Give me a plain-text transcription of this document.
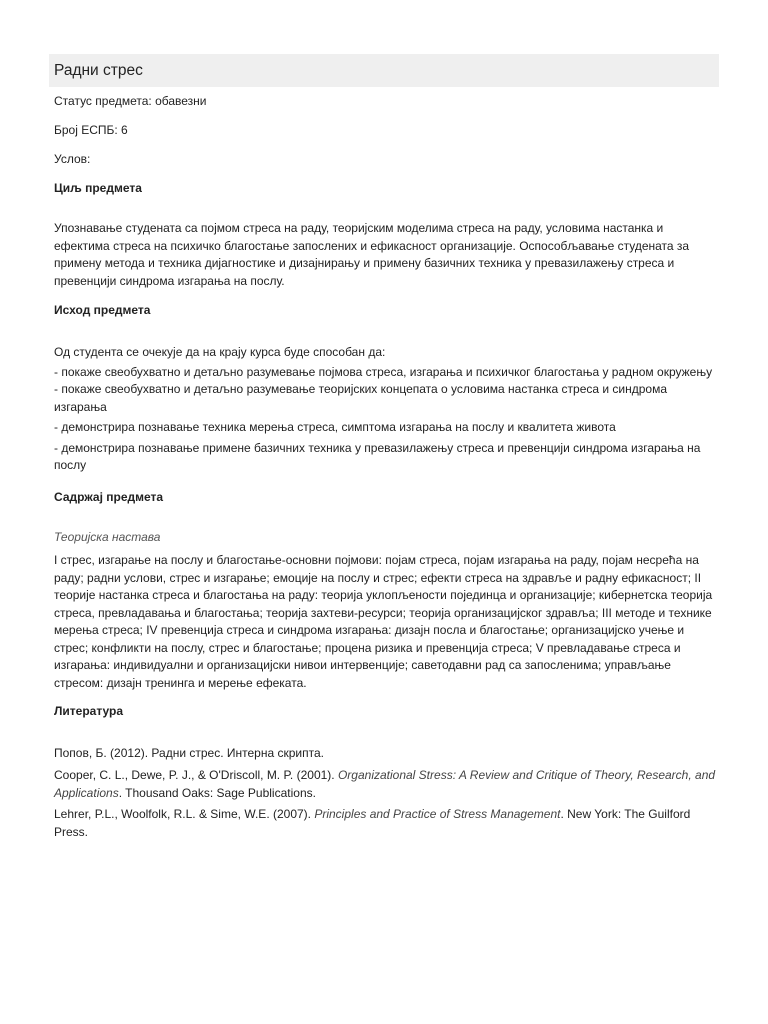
Радни стрес
Статус предмета: обавезни
Број ЕСПБ: 6
Услов:
Циљ предмета
Упознавање студената са појмом стреса на раду, теоријским моделима стреса на раду, условима настанка и ефектима стреса на психичко благостање запослених и ефикасност организације. Оспособљавање студената за примену метода и техника дијагностике и дизајнирању и примену базичних техника у превазилажењу стреса и превенцији синдрома изгарања на послу.
Исход предмета

Од студента се очекује да на крају курса буде способан да:

- покаже свеобухватно и детаљно разумевање појмова стреса, изгарања и психичког благостања у радном окружењу

- покаже свеобухватно и детаљно разумевање теоријских концепата о условима настанка стреса и синдрома изгарања

- демонстрира познавање техника мерења стреса, симптома изгарања на послу и квалитета живота

- демонстрира познавање примене базичних техника у превазилажењу стреса и превенцији синдрома изгарања на послу

Садржај предмета
Теоријска настава
I стрес, изгарање на послу и благостање-основни појмови: појам стреса, појам изгарања на раду, појам несрећа на раду; радни услови, стрес и изгарање; емоције на послу и стрес; ефекти стреса на здравље и радну ефикасност; II теорије настанка стреса и благостања на раду: теорија уклопљености појединца и организације; кибернетска теорија стреса, превладавања и благостања; теорија захтеви-ресурси; теорија организацијског здравља; III методе и технике мерења стреса; IV превенција стреса и синдрома изгарања: дизајн посла и благостање; организацијско учење и стрес; конфликти на послу, стрес и благостање; процена ризика и превенција стреса; V превладавање стреса и изгарања: индивидуални и организацијски нивои интервенције; саветодавни рад са запосленима; управљање стресом: дизајн тренинга и мерење ефеката.
Литература
Попов, Б. (2012). Радни стрес. Интерна скрипта.
Cooper, C. L., Dewe, P. J., & O'Driscoll, M. P. (2001). Organizational Stress: A Review and Critique of Theory, Research, and Applications. Thousand Oaks: Sage Publications.
Lehrer, P.L., Woolfolk, R.L. & Sime, W.E. (2007). Principles and Practice of Stress Management. New York: The Guilford Press.
